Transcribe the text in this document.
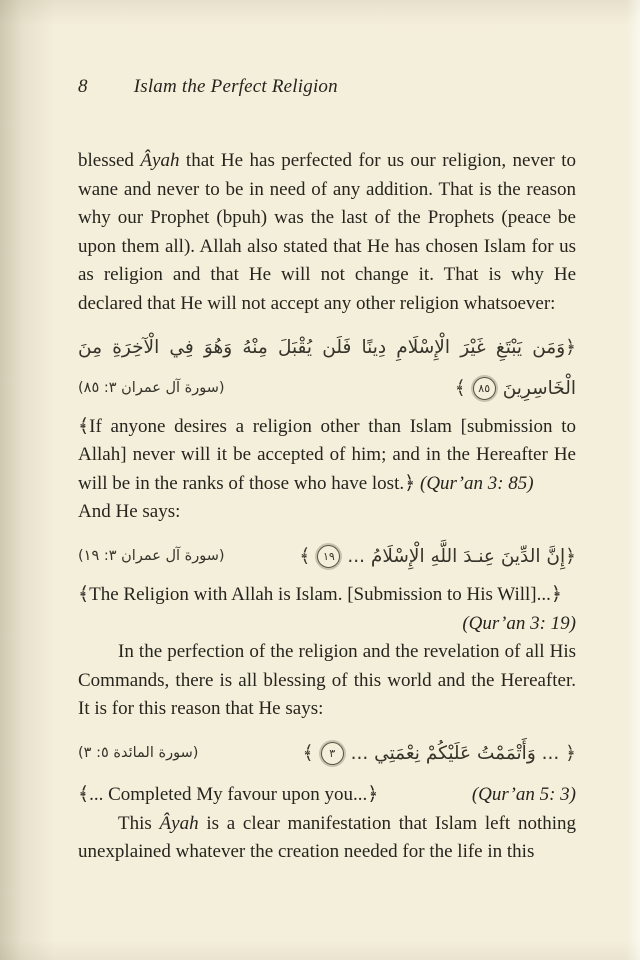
8 Islam the Perfect Religion

blessed Âyah that He has perfected for us our religion, never to wane and never to be in need of any addition. That is the reason why our Prophet (bpuh) was the last of the Prophets (peace be upon them all). Allah also stated that He has chosen Islam for us as religion and that He will not change it. That is why He declared that He will not accept any other religion whatsoever:

﴿وَمَن يَبْتَغِ غَيْرَ الْإِسْلَامِ دِينًا فَلَن يُقْبَلَ مِنْهُ وَهُوَ فِي الْآخِرَةِ مِنَ
(سورة آل عمران ٣: ٨٥)	الْخَاسِرِينَ٨٥﴾

﴾If anyone desires a religion other than Islam [submission to Allah] never will it be accepted of him; and in the Hereafter He will be in the ranks of those who have lost.﴿ (Qur’an 3: 85)

And He says:

(سورة آل عمران ٣: ١٩)	﴿إِنَّ الدِّينَ عِنـدَ اللَّهِ الْإِسْلَامُ ...١٩﴾

﴾The Religion with Allah is Islam. [Submission to His Will]...﴿

(Qur’an 3: 19)

In the perfection of the religion and the revelation of all His Commands, there is all blessing of this world and the Hereafter. It is for this reason that He says:

(سورة المائدة ٥: ٣)	﴿ ... وَأَتْمَمْتُ عَلَيْكُمْ نِعْمَتِي ...٣﴾
﴾... Completed My favour upon you...﴿	(Qur’an 5: 3)

This Âyah is a clear manifestation that Islam left nothing unexplained whatever the creation needed for the life in this
